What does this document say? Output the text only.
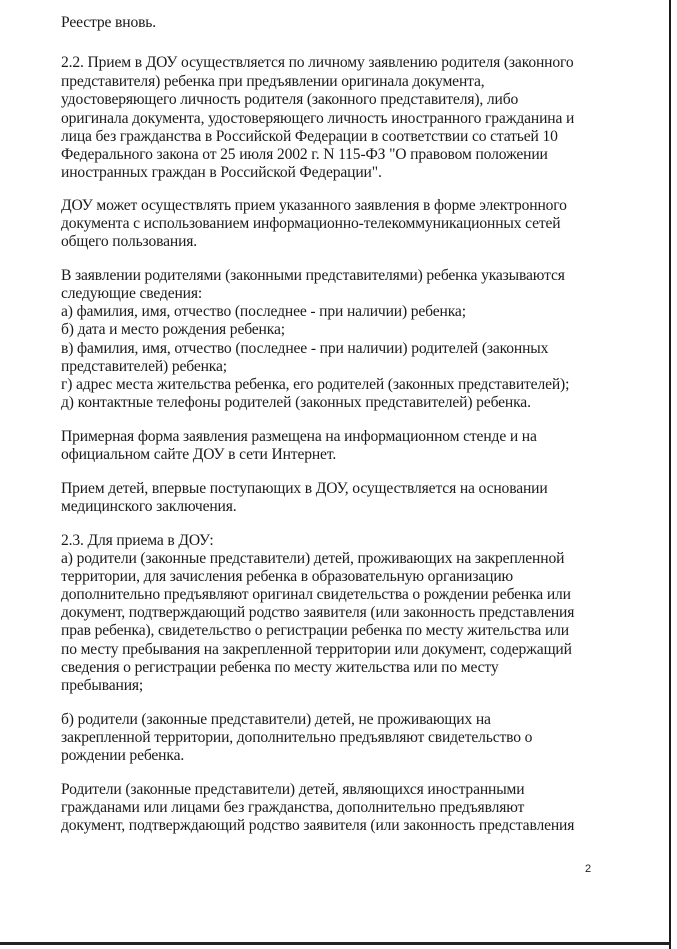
Реестре вновь.
2.2. Прием в ДОУ осуществляется по личному заявлению родителя (законного
представителя) ребенка при предъявлении оригинала документа,
удостоверяющего личность родителя (законного представителя), либо
оригинала документа, удостоверяющего личность иностранного гражданина и
лица без гражданства в Российской Федерации в соответствии со статьей 10
Федерального закона от 25 июля 2002 г. N 115-ФЗ "О правовом положении
иностранных граждан в Российской Федерации".
ДОУ может осуществлять прием указанного заявления в форме электронного
документа с использованием информационно-телекоммуникационных сетей
общего пользования.
В заявлении родителями (законными представителями) ребенка указываются
следующие сведения:
а) фамилия, имя, отчество (последнее - при наличии) ребенка;
б) дата и место рождения ребенка;
в) фамилия, имя, отчество (последнее - при наличии) родителей (законных
представителей) ребенка;
г) адрес места жительства ребенка, его родителей (законных представителей);
д) контактные телефоны родителей (законных представителей) ребенка.
Примерная форма заявления размещена на информационном стенде и на
официальном сайте ДОУ в сети Интернет.
Прием детей, впервые поступающих в ДОУ, осуществляется на основании
медицинского заключения.
2.3. Для приема в ДОУ:
а) родители (законные представители) детей, проживающих на закрепленной
территории, для зачисления ребенка в образовательную организацию
дополнительно предъявляют оригинал свидетельства о рождении ребенка или
документ, подтверждающий родство заявителя (или законность представления
прав ребенка), свидетельство о регистрации ребенка по месту жительства или
по месту пребывания на закрепленной территории или документ, содержащий
сведения о регистрации ребенка по месту жительства или по месту
пребывания;
б) родители (законные представители) детей, не проживающих на
закрепленной территории, дополнительно предъявляют свидетельство о
рождении ребенка.
Родители (законные представители) детей, являющихся иностранными
гражданами или лицами без гражданства, дополнительно предъявляют
документ, подтверждающий родство заявителя (или законность представления
2
